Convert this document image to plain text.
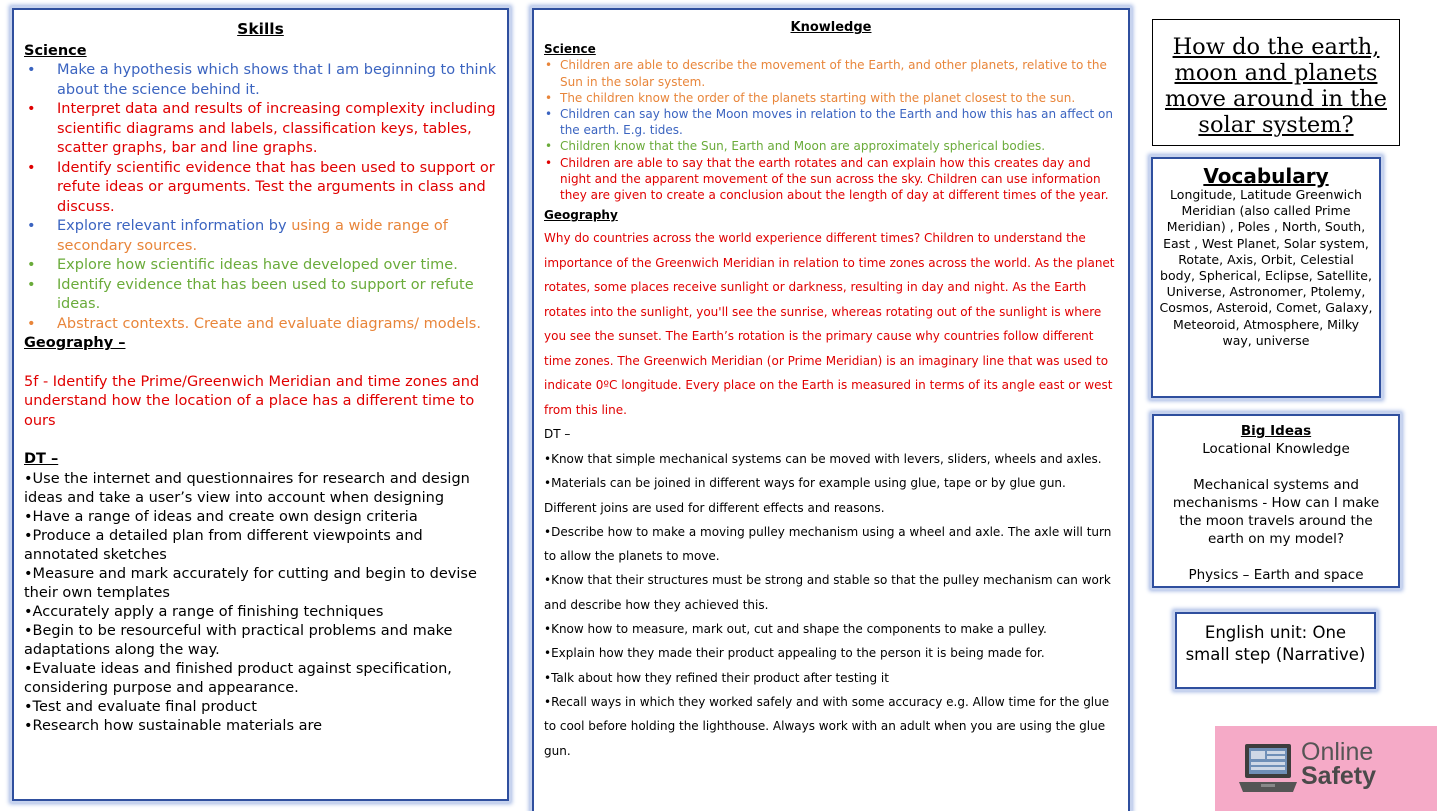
Skills
Science
• Make a hypothesis which shows that I am beginning to think about the science behind it.
• Interpret data and results of increasing complexity including scientific diagrams and labels, classification keys, tables, scatter graphs, bar and line graphs.
• Identify scientific evidence that has been used to support or refute ideas or arguments. Test the arguments in class and discuss.
• Explore relevant information by using a wide range of secondary sources.
• Explore how scientific ideas have developed over time.
• Identify evidence that has been used to support or refute ideas.
• Abstract contexts. Create and evaluate diagrams/ models.
Geography –
5f - Identify the Prime/Greenwich Meridian and time zones and understand how the location of a place has a different time to ours
DT –
•Use the internet and questionnaires for research and design ideas and take a user’s view into account when designing
•Have a range of ideas and create own design criteria
•Produce a detailed plan from different viewpoints and annotated sketches
•Measure and mark accurately for cutting and begin to devise their own templates
•Accurately apply a range of finishing techniques
•Begin to be resourceful with practical problems and make adaptations along the way.
•Evaluate ideas and finished product against specification, considering purpose and appearance.
•Test and evaluate final product
•Research how sustainable materials are
Knowledge
Science
• Children are able to describe the movement of the Earth, and other planets, relative to the Sun in the solar system.
• The children know the order of the planets starting with the planet closest to the sun.
• Children can say how the Moon moves in relation to the Earth and how this has an affect on the earth. E.g. tides.
• Children know that the Sun, Earth and Moon are approximately spherical bodies.
• Children are able to say that the earth rotates and can explain how this creates day and night and the apparent movement of the sun across the sky. Children can use information they are given to create a conclusion about the length of day at different times of the year.
Geography
Why do countries across the world experience different times? Children to understand the importance of the Greenwich Meridian in relation to time zones across the world. As the planet rotates, some places receive sunlight or darkness, resulting in day and night. As the Earth rotates into the sunlight, you'll see the sunrise, whereas rotating out of the sunlight is where you see the sunset. The Earth’s rotation is the primary cause why countries follow different time zones. The Greenwich Meridian (or Prime Meridian) is an imaginary line that was used to indicate 0ºC longitude. Every place on the Earth is measured in terms of its angle east or west from this line.
DT –

•Know that simple mechanical systems can be moved with levers, sliders, wheels and axles.

•Materials can be joined in different ways for example using glue, tape or by glue gun. Different joins are used for different effects and reasons.

•Describe how to make a moving pulley mechanism using a wheel and axle. The axle will turn to allow the planets to move.

•Know that their structures must be strong and stable so that the pulley mechanism can work and describe how they achieved this.

•Know how to measure, mark out, cut and shape the components to make a pulley.

•Explain how they made their product appealing to the person it is being made for.

•Talk about how they refined their product after testing it

•Recall ways in which they worked safely and with some accuracy e.g. Allow time for the glue to cool before holding the lighthouse. Always work with an adult when you are using the glue gun.

How do the earth, moon and planets move around in the solar system?
Vocabulary
Longitude, Latitude Greenwich Meridian (also called Prime Meridian) , Poles , North, South, East , West Planet, Solar system, Rotate, Axis, Orbit, Celestial body, Spherical, Eclipse, Satellite, Universe, Astronomer, Ptolemy, Cosmos, Asteroid, Comet, Galaxy, Meteoroid, Atmosphere, Milky way, universe
Big Ideas
Locational Knowledge
Mechanical systems and mechanisms - How can I make the moon travels around the earth on my model?
Physics – Earth and space
English unit: One small step (Narrative)
Online
Safety
